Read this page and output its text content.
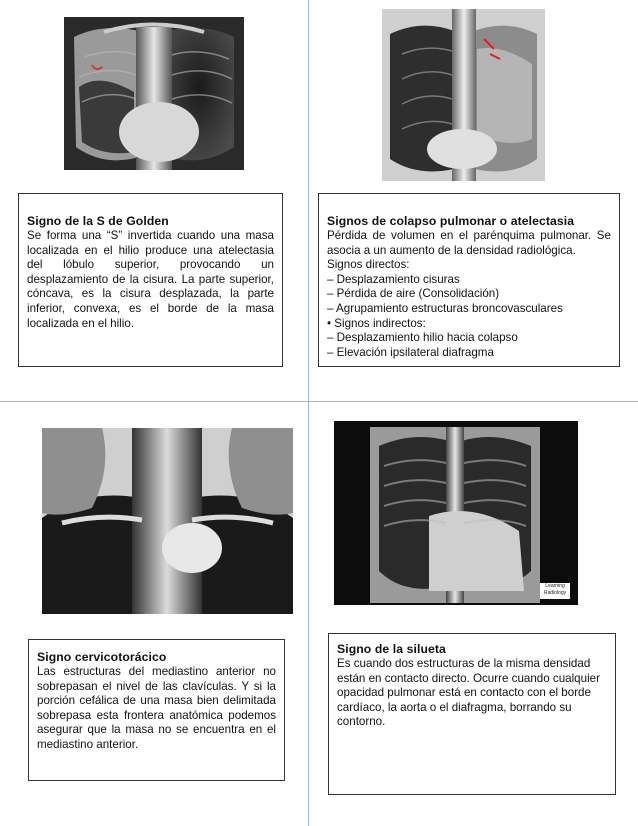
Learning Radiology
Signo de la S de Golden

Se forma una “S” invertida cuando una masa localizada en el hilio produce una atelectasia del lóbulo superior, provocando un desplazamiento de la cisura. La parte superior, cóncava, es la cisura desplazada, la parte inferior, convexa, es el borde de la masa localizada en el hilio.

Signos de colapso pulmonar o atelectasia

Pérdida de volumen en el parénquima pulmonar. Se asocia a un aumento de la densidad radiológica.

Signos directos:
– Desplazamiento cisuras
– Pérdida de aire (Consolidación)
– Agrupamiento estructuras broncovasculares
• Signos indirectos:
– Desplazamiento hilio hacia colapso
– Elevación ipsilateral diafragma
Signo cervicotorácico

Las estructuras del mediastino anterior no sobrepasan el nivel de las clavículas. Y si la porción cefálica de una masa bien delimitada sobrepasa esta frontera anatómica podemos asegurar que la masa no se encuentra en el mediastino anterior.

Signo de la silueta

Es cuando dos estructuras de la misma densidad están en contacto directo. Ocurre cuando cualquier opacidad pulmonar está en contacto con el borde cardíaco, la aorta o el diafragma, borrando su contorno.
